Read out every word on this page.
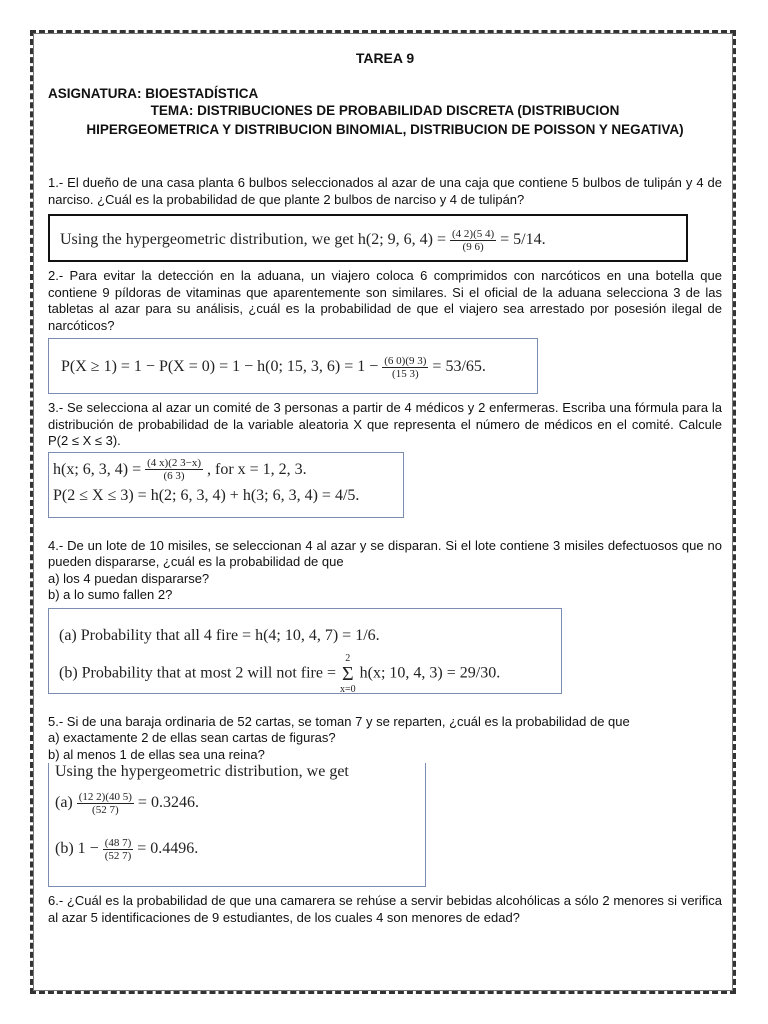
TAREA 9
ASIGNATURA: BIOESTADÍSTICA
TEMA: DISTRIBUCIONES DE PROBABILIDAD DISCRETA (DISTRIBUCION
HIPERGEOMETRICA Y DISTRIBUCION BINOMIAL, DISTRIBUCION DE POISSON Y NEGATIVA)

1.- El dueño de una casa planta 6 bulbos seleccionados al azar de una caja que contiene 5 bulbos de tulipán y 4 de narciso. ¿Cuál es la probabilidad de que plante 2 bulbos de narciso y 4 de tulipán?

Using the hypergeometric distribution, we get h(2; 9, 6, $4) = \frac{(4 2)(5 4)}{(9 6)} = 5/14$.

2.- Para evitar la detección en la aduana, un viajero coloca 6 comprimidos con narcóticos en una botella que contiene 9 píldoras de vitaminas que aparentemente son similares. Si el oficial de la aduana selecciona 3 de las tabletas al azar para su análisis, ¿cuál es la probabilidad de que el viajero sea arrestado por posesión ilegal de narcóticos?

P(X ≥ 1) = 1 − P(X = 0) = 1 − h(0; 15, 3, $6) = 1 - \frac{(6 0)(9 3)}{(15 3)} = 53/65$.

3.- Se selecciona al azar un comité de 3 personas a partir de 4 médicos y 2 enfermeras. Escriba una fórmula para la distribución de probabilidad de la variable aleatoria X que representa el número de médicos en el comité. Calcule P(2 ≤ X ≤ 3).

h(x; 6, 3, $4) = \frac{(4 x)(2 3-x)}{(6 3)}$ , for x = 1, 2, 3.
P(2 ≤ X ≤ 3) = h(2; 6, 3, 4) + h(3; 6, 3, 4) = 4/5.

4.- De un lote de 10 misiles, se seleccionan 4 al azar y se disparan. Si el lote contiene 3 misiles defectuosos que no pueden dispararse, ¿cuál es la probabilidad de que

a) los 4 puedan dispararse?

b) a lo sumo fallen 2?

(a) Probability that all 4 fire = h(4; 10, 4, 7) = 1/6.
(b) Probability that at most 2 will not fire = 2
Σ
x=0 h(x; 10, 4, 3) = 29/30.

5.- Si de una baraja ordinaria de 52 cartas, se toman 7 y se reparten, ¿cuál es la probabilidad de que

a) exactamente 2 de ellas sean cartas de figuras?

b) al menos 1 de ellas sea una reina?

Using the hypergeometric distribution, we get
$(a) \frac{(12 2)(40 5)}{(52 7)} = 0.3246$.
(b) $1 - \frac{(48 7)}{(52 7)} = 0.4496$.

6.- ¿Cuál es la probabilidad de que una camarera se rehúse a servir bebidas alcohólicas a sólo 2 menores si verifica al azar 5 identificaciones de 9 estudiantes, de los cuales 4 son menores de edad?
